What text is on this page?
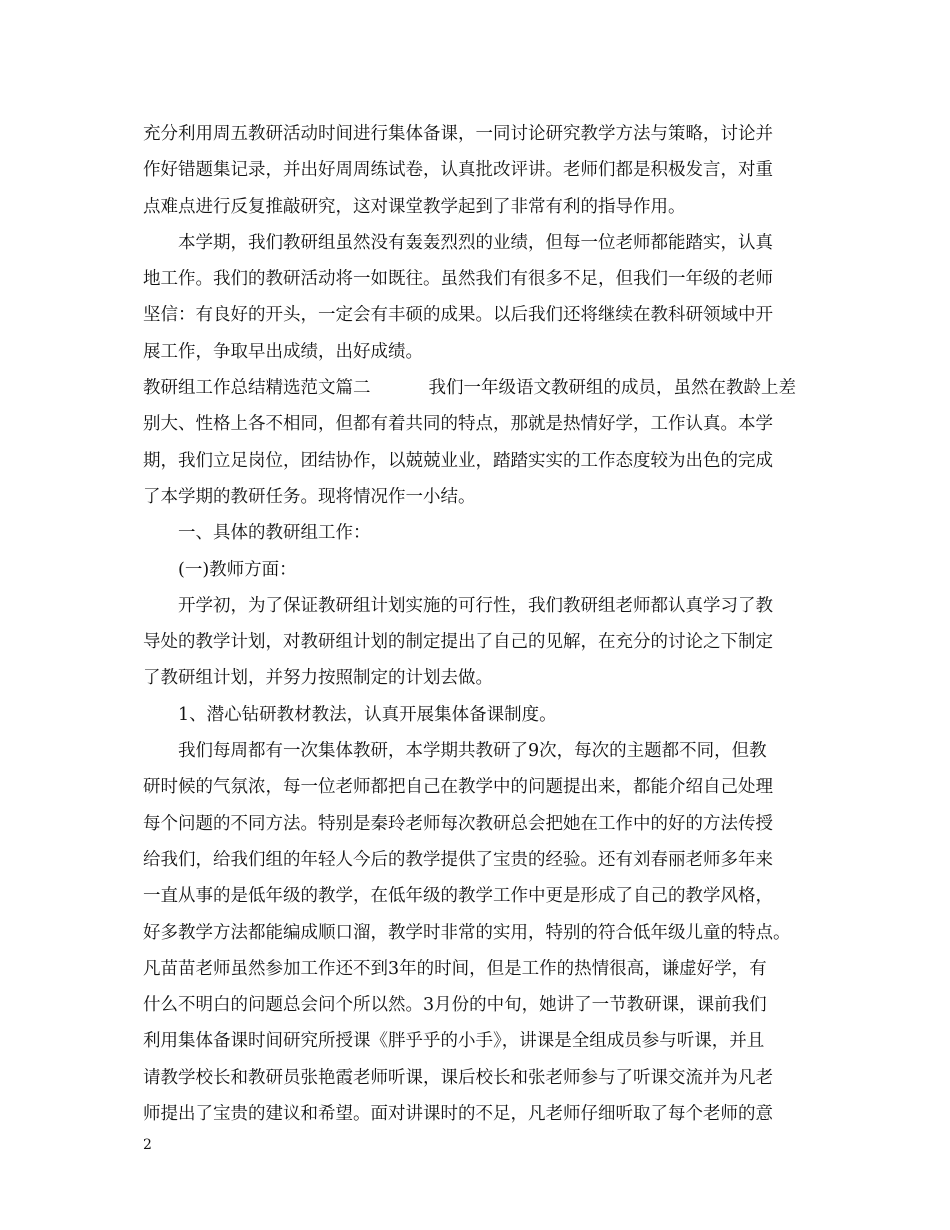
充分利用周五教研活动时间进行集体备课，一同讨论研究教学方法与策略，讨论并
作好错题集记录，并出好周周练试卷，认真批改评讲。老师们都是积极发言，对重
点难点进行反复推敲研究，这对课堂教学起到了非常有利的指导作用。
本学期，我们教研组虽然没有轰轰烈烈的业绩，但每一位老师都能踏实，认真
地工作。我们的教研活动将一如既往。虽然我们有很多不足，但我们一年级的老师
坚信：有良好的开头，一定会有丰硕的成果。以后我们还将继续在教科研领域中开
展工作，争取早出成绩，出好成绩。
教研组工作总结精选范文篇二	我们一年级语文教研组的成员，虽然在教龄上差
别大、性格上各不相同，但都有着共同的特点，那就是热情好学，工作认真。本学
期，我们立足岗位，团结协作，以兢兢业业，踏踏实实的工作态度较为出色的完成
了本学期的教研任务。现将情况作一小结。
一、具体的教研组工作：
(一)教师方面：
开学初，为了保证教研组计划实施的可行性，我们教研组老师都认真学习了教
导处的教学计划，对教研组计划的制定提出了自己的见解，在充分的讨论之下制定
了教研组计划，并努力按照制定的计划去做。
1、潜心钻研教材教法，认真开展集体备课制度。
我们每周都有一次集体教研，本学期共教研了9次，每次的主题都不同，但教
研时候的气氛浓，每一位老师都把自己在教学中的问题提出来，都能介绍自己处理
每个问题的不同方法。特别是秦玲老师每次教研总会把她在工作中的好的方法传授
给我们，给我们组的年轻人今后的教学提供了宝贵的经验。还有刘春丽老师多年来
一直从事的是低年级的教学，在低年级的教学工作中更是形成了自己的教学风格，
好多教学方法都能编成顺口溜，教学时非常的实用，特别的符合低年级儿童的特点。
凡苗苗老师虽然参加工作还不到3年的时间，但是工作的热情很高，谦虚好学，有
什么不明白的问题总会问个所以然。3月份的中旬，她讲了一节教研课，课前我们
利用集体备课时间研究所授课《胖乎乎的小手》，讲课是全组成员参与听课，并且
请教学校长和教研员张艳霞老师听课，课后校长和张老师参与了听课交流并为凡老
师提出了宝贵的建议和希望。面对讲课时的不足，凡老师仔细听取了每个老师的意
2
